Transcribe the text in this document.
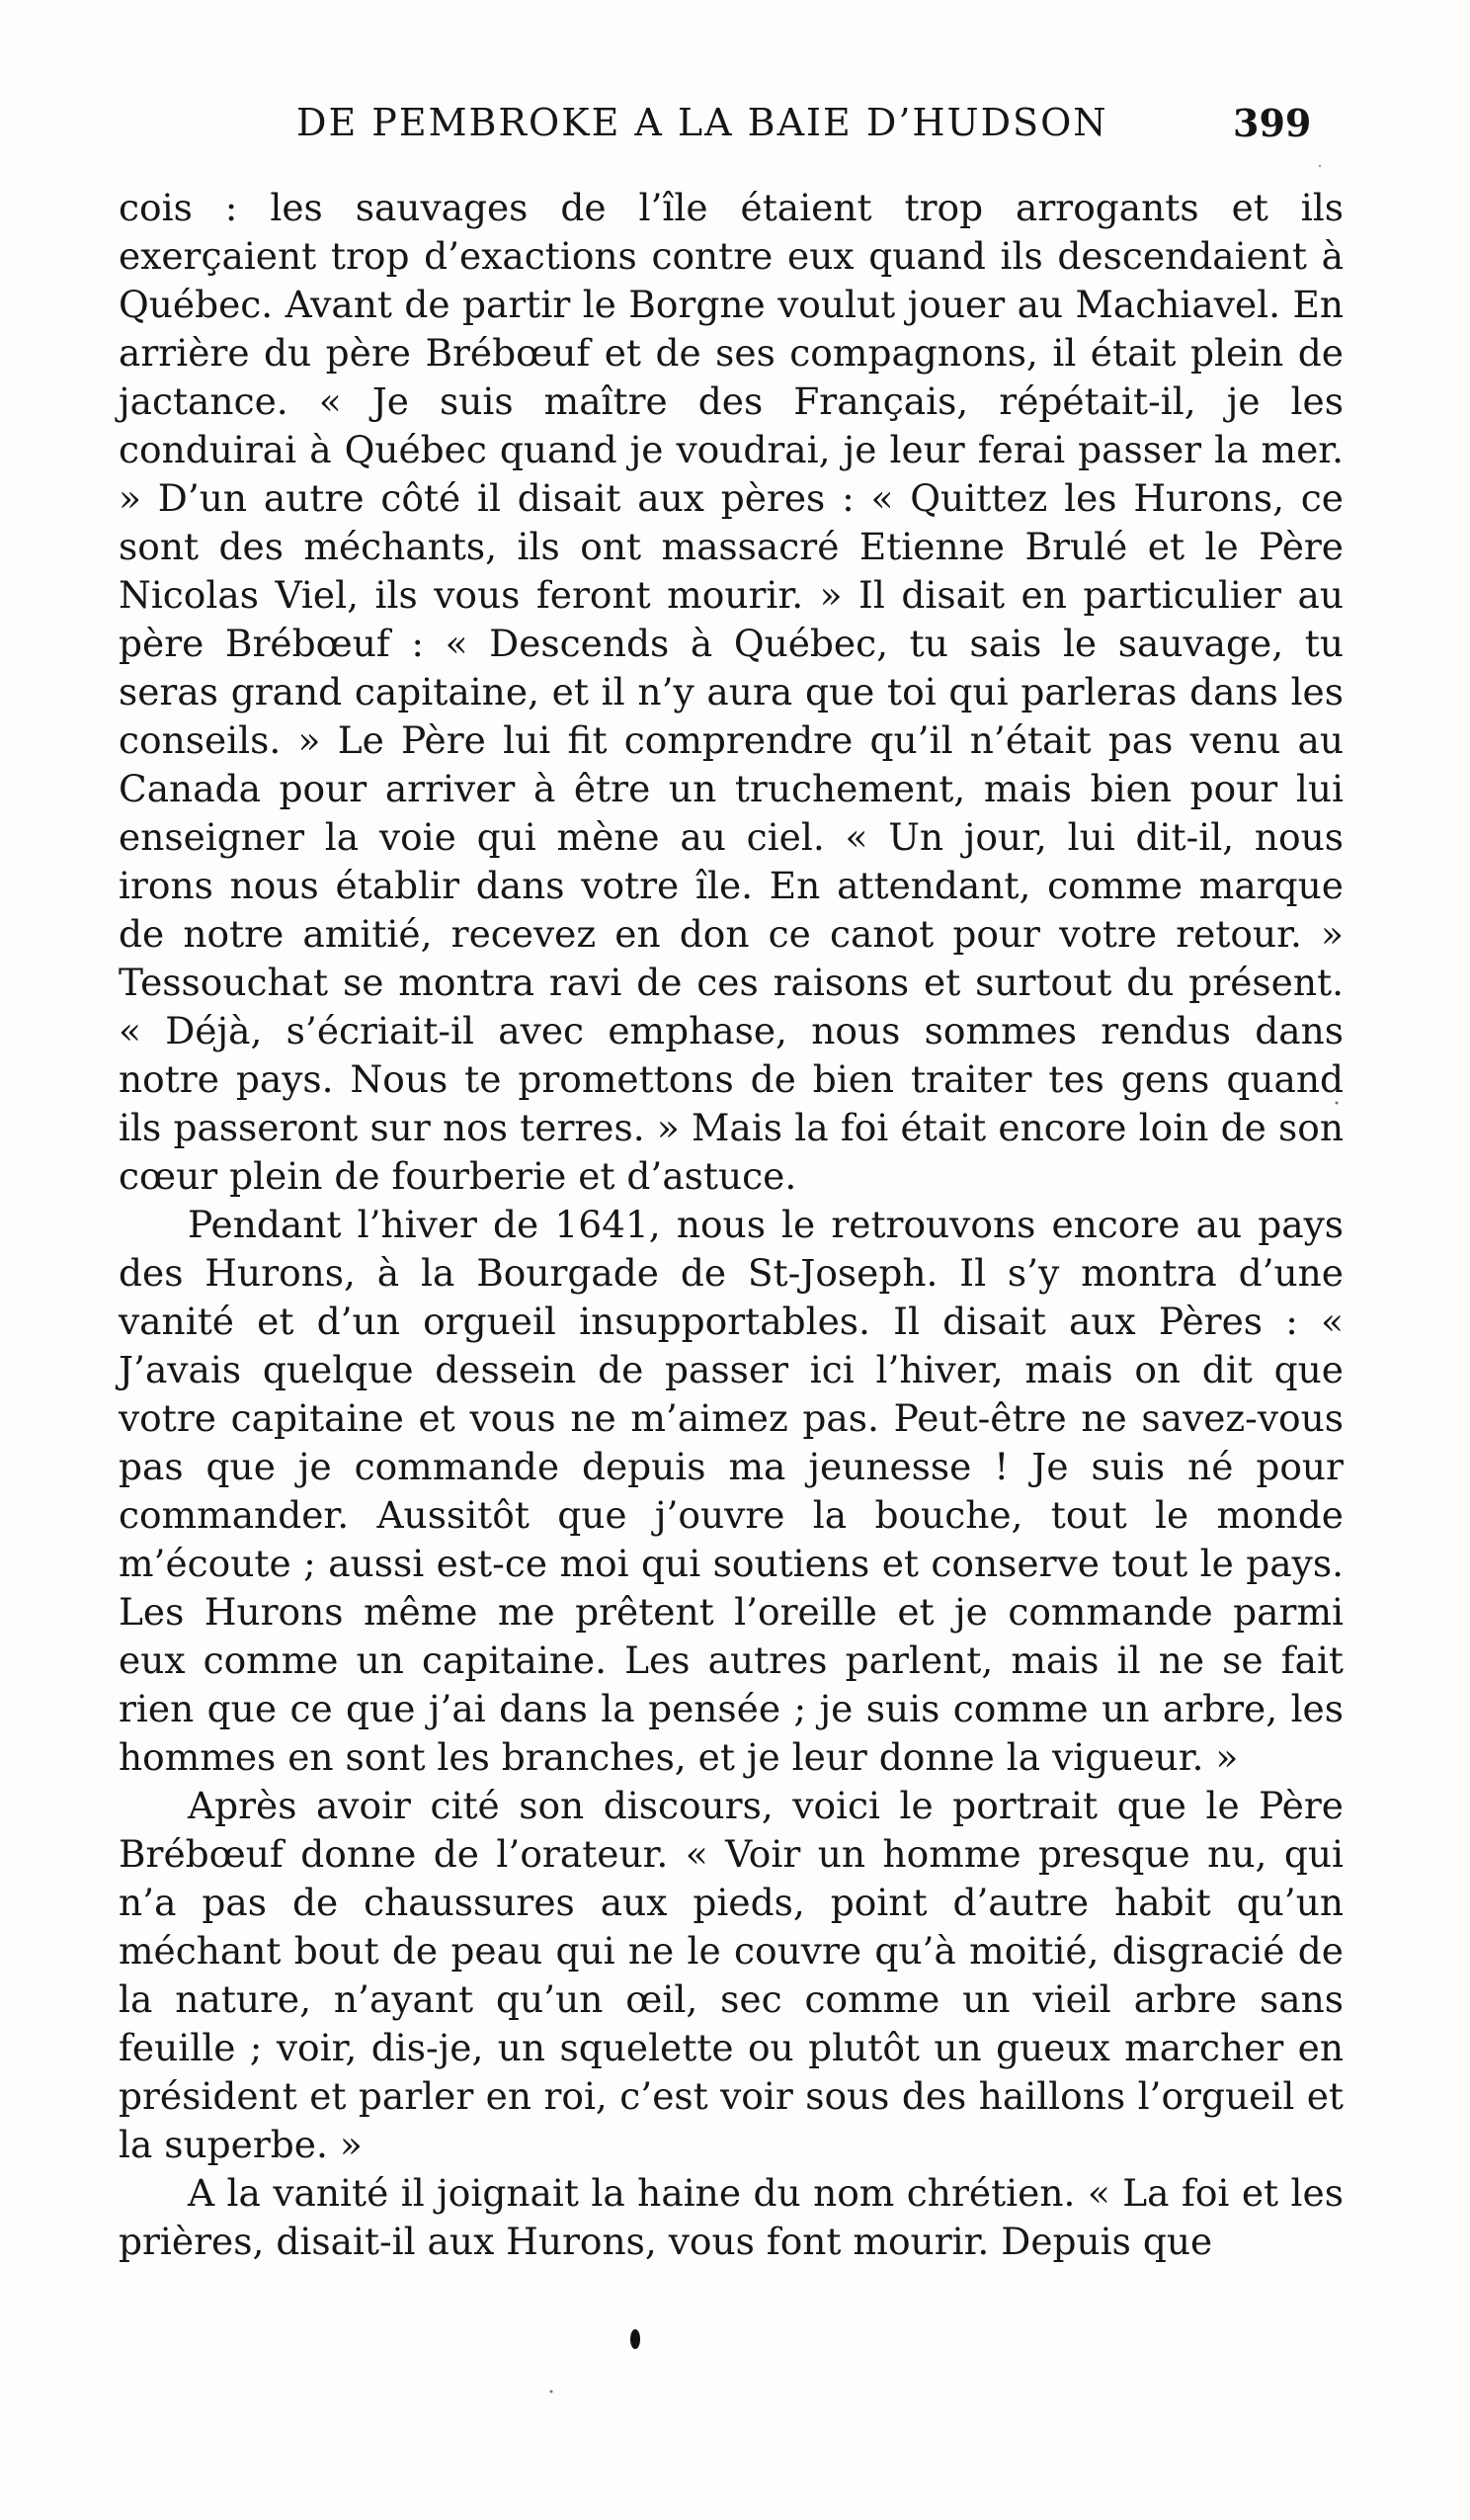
DE PEMBROKE A LA BAIE D’HUDSON	399

cois : les sauvages de l’île étaient trop arrogants et ils exerçaient trop d’exactions contre eux quand ils descendaient à Québec. Avant de partir le Borgne voulut jouer au Machiavel. En arrière du père Brébœuf et de ses compagnons, il était plein de jactance. « Je suis maître des Français, répétait-il, je les conduirai à Québec quand je voudrai, je leur ferai passer la mer. » D’un autre côté il disait aux pères : « Quittez les Hurons, ce sont des méchants, ils ont massacré Etienne Brulé et le Père Nicolas Viel, ils vous feront mourir. » Il disait en particulier au père Brébœuf : « Descends à Québec, tu sais le sauvage, tu seras grand capitaine, et il n’y aura que toi qui parleras dans les conseils. » Le Père lui fit comprendre qu’il n’était pas venu au Canada pour arriver à être un truchement, mais bien pour lui enseigner la voie qui mène au ciel. « Un jour, lui dit-il, nous irons nous établir dans votre île. En attendant, comme marque de notre amitié, recevez en don ce canot pour votre retour. » Tessouchat se montra ravi de ces raisons et surtout du présent. « Déjà, s’écriait-il avec emphase, nous sommes rendus dans notre pays. Nous te promettons de bien traiter tes gens quand ils passeront sur nos terres. » Mais la foi était encore loin de son cœur plein de fourberie et d’astuce.

Pendant l’hiver de 1641, nous le retrouvons encore au pays des Hurons, à la Bourgade de St-Joseph. Il s’y montra d’une vanité et d’un orgueil insupportables. Il disait aux Pères : « J’avais quelque dessein de passer ici l’hiver, mais on dit que votre capitaine et vous ne m’aimez pas. Peut-être ne savez-vous pas que je commande depuis ma jeunesse ! Je suis né pour commander. Aussitôt que j’ouvre la bouche, tout le monde m’écoute ; aussi est-ce moi qui soutiens et conserve tout le pays. Les Hurons même me prêtent l’oreille et je commande parmi eux comme un capitaine. Les autres parlent, mais il ne se fait rien que ce que j’ai dans la pensée ; je suis comme un arbre, les hommes en sont les branches, et je leur donne la vigueur. »

Après avoir cité son discours, voici le portrait que le Père Brébœuf donne de l’orateur. « Voir un homme presque nu, qui n’a pas de chaussures aux pieds, point d’autre habit qu’un méchant bout de peau qui ne le couvre qu’à moitié, disgracié de la nature, n’ayant qu’un œil, sec comme un vieil arbre sans feuille ; voir, dis-je, un squelette ou plutôt un gueux marcher en président et parler en roi, c’est voir sous des haillons l’orgueil et la superbe. »

A la vanité il joignait la haine du nom chrétien. « La foi et les prières, disait-il aux Hurons, vous font mourir. Depuis que
